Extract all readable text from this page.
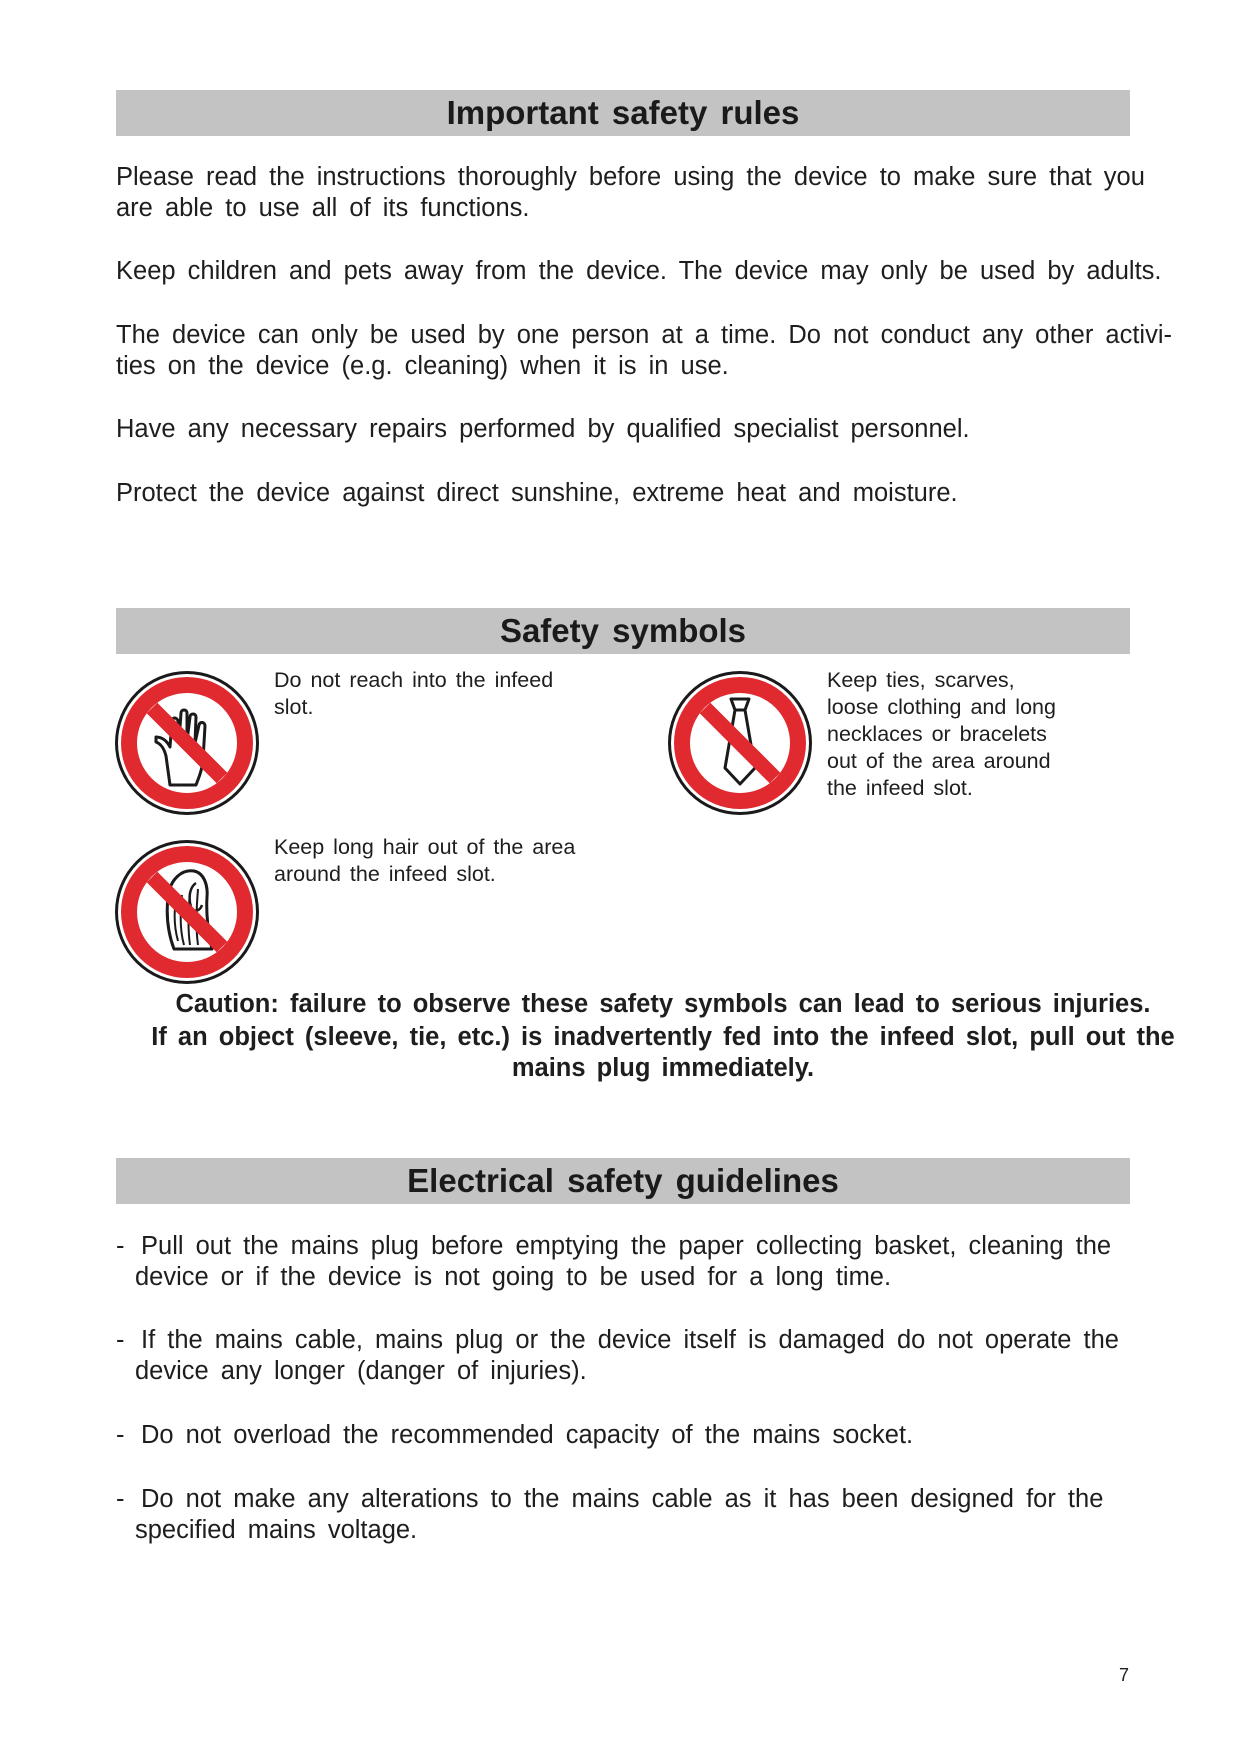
Important safety rules
Please read the instructions thoroughly before using the device to make sure that you
are able to use all of its functions.
Keep children and pets away from the device. The device may only be used by adults.
The device can only be used by one person at a time. Do not conduct any other activi-
ties on the device (e.g. cleaning) when it is in use.
Have any necessary repairs performed by qualified specialist personnel.
Protect the device against direct sunshine, extreme heat and moisture.
Safety symbols
Do not reach into the infeed
slot.
Keep ties, scarves,
loose clothing and long
necklaces or bracelets
out of the area around
the infeed slot.
Keep long hair out of the area
around the infeed slot.
Caution: failure to observe these safety symbols can lead to serious injuries.
If an object (sleeve, tie, etc.) is inadvertently fed into the infeed slot, pull out the
mains plug immediately.
Electrical safety guidelines
- Pull out the mains plug before emptying the paper collecting basket, cleaning the
device or if the device is not going to be used for a long time.
- If the mains cable, mains plug or the device itself is damaged do not operate the
device any longer (danger of injuries).
- Do not overload the recommended capacity of the mains socket.
- Do not make any alterations to the mains cable as it has been designed for the
specified mains voltage.
7
